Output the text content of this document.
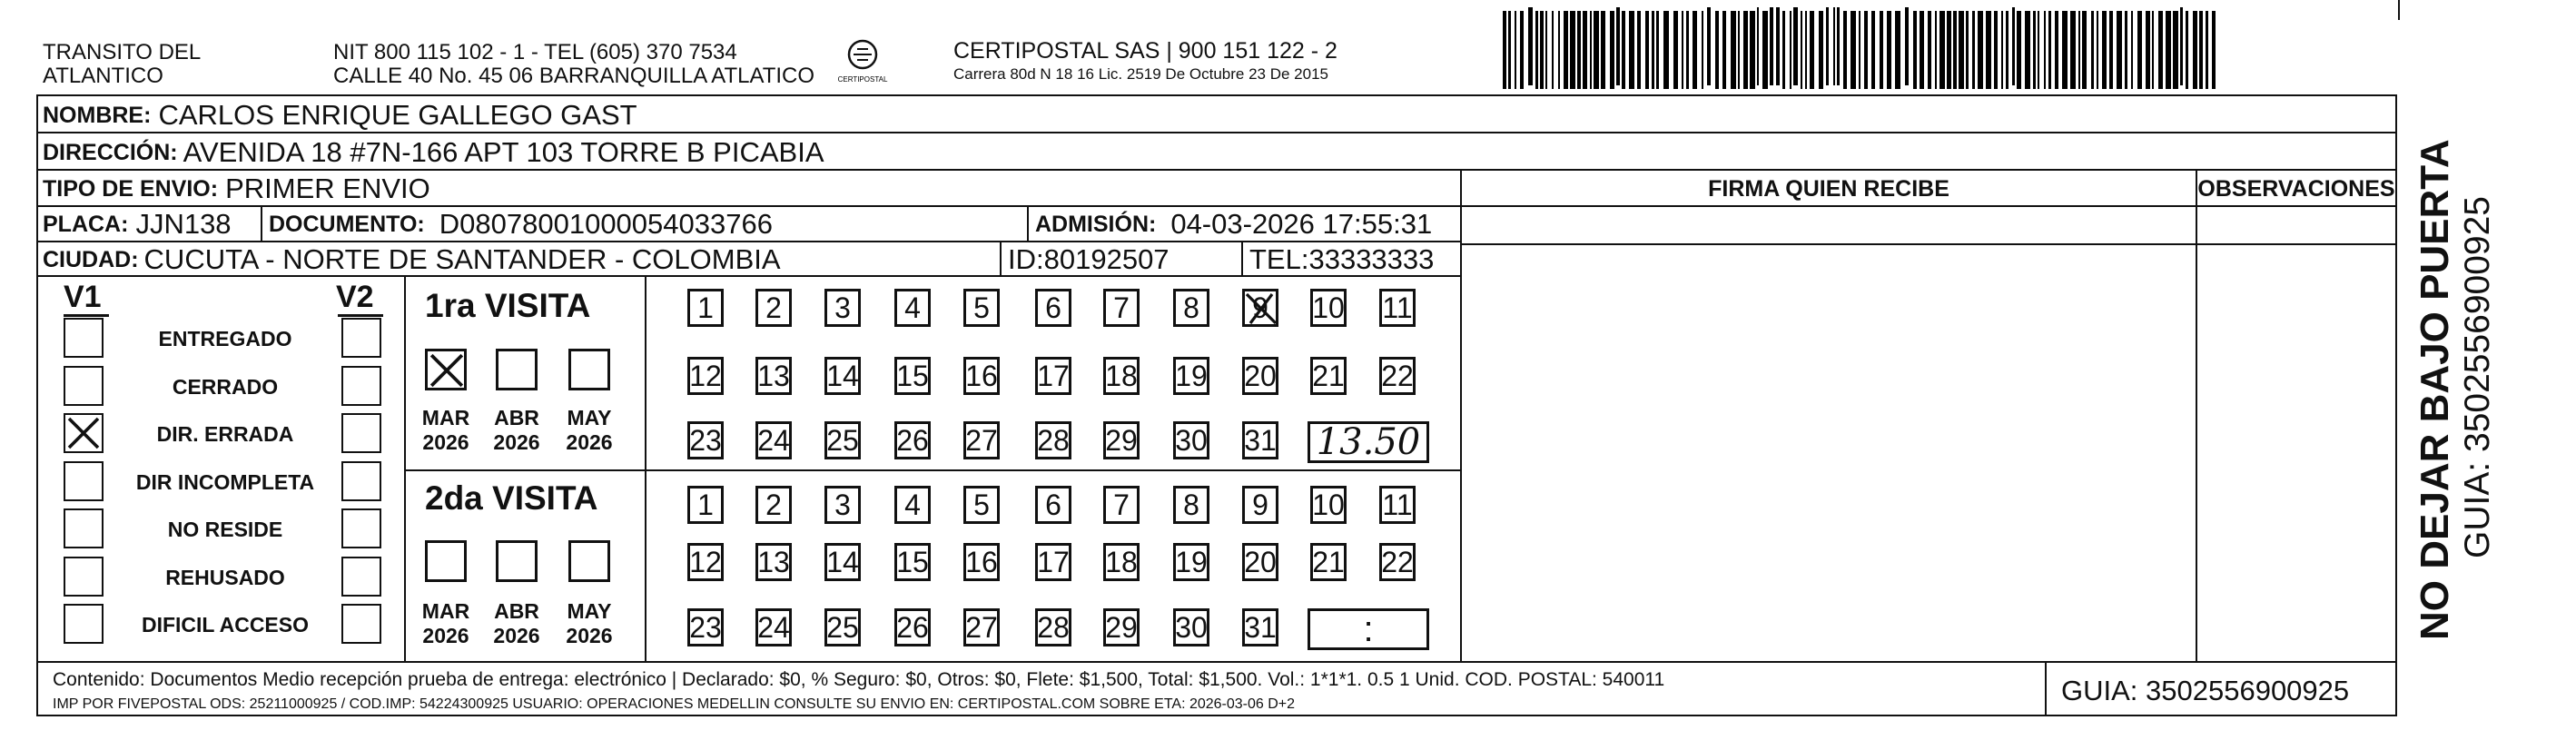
TRANSITO DEL
ATLANTICO
NIT 800 115 102 - 1 - TEL (605) 370 7534
CALLE 40 No. 45 06 BARRANQUILLA ATLATICO	CERTIPOSTAL
CERTIPOSTAL SAS | 900 151 122 - 2
Carrera 80d N 18 16 Lic. 2519 De Octubre 23 De 2015
NOMBRE: CARLOS ENRIQUE GALLEGO GAST
DIRECCIÓN: AVENIDA 18 #7N-166 APT 103 TORRE B PICABIA
TIPO DE ENVIO: PRIMER ENVIO
PLACA: JJN138 DOCUMENTO: D08078001000054033766	ADMISIÓN: 04-03-2026 17:55:31
CIUDAD: CUCUTA - NORTE DE SANTANDER - COLOMBIA	ID: 80192507	TEL: 33333333
FIRMA QUIEN RECIBE	OBSERVACIONES
V1	V2
ENTREGADO
CERRADO
DIR. ERRADA
DIR INCOMPLETA
NO RESIDE
REHUSADO
DIFICIL ACCESO
1ra VISITA
2da VISITA
MAR
2026
ABR
2026
MAY
2026
MAR
2026
ABR
2026
MAY
2026
1 2 3 4 5 6 7 8 9 10 11
12 13 14 15 16 17 18 19 20 21 22
23 24 25 26 27 28 29 30 31 13.50
1 2 3 4 5 6 7 8 9 10 11
12 13 14 15 16 17 18 19 20 21 22
23 24 25 26 27 28 29 30 31 :
Contenido: Documentos Medio recepción prueba de entrega: electrónico | Declarado: $0, % Seguro: $0, Otros: $0, Flete: $1,500, Total: $1,500. Vol.: 1*1*1. 0.5 1 Unid. COD. POSTAL: 540011
IMP POR FIVEPOSTAL ODS: 25211000925 / COD.IMP: 54224300925 USUARIO: OPERACIONES MEDELLIN CONSULTE SU ENVIO EN: CERTIPOSTAL.COM SOBRE ETA: 2026-03-06 D+2	GUIA: 3502556900925
NO DEJAR BAJO PUERTA GUIA: 3502556900925
